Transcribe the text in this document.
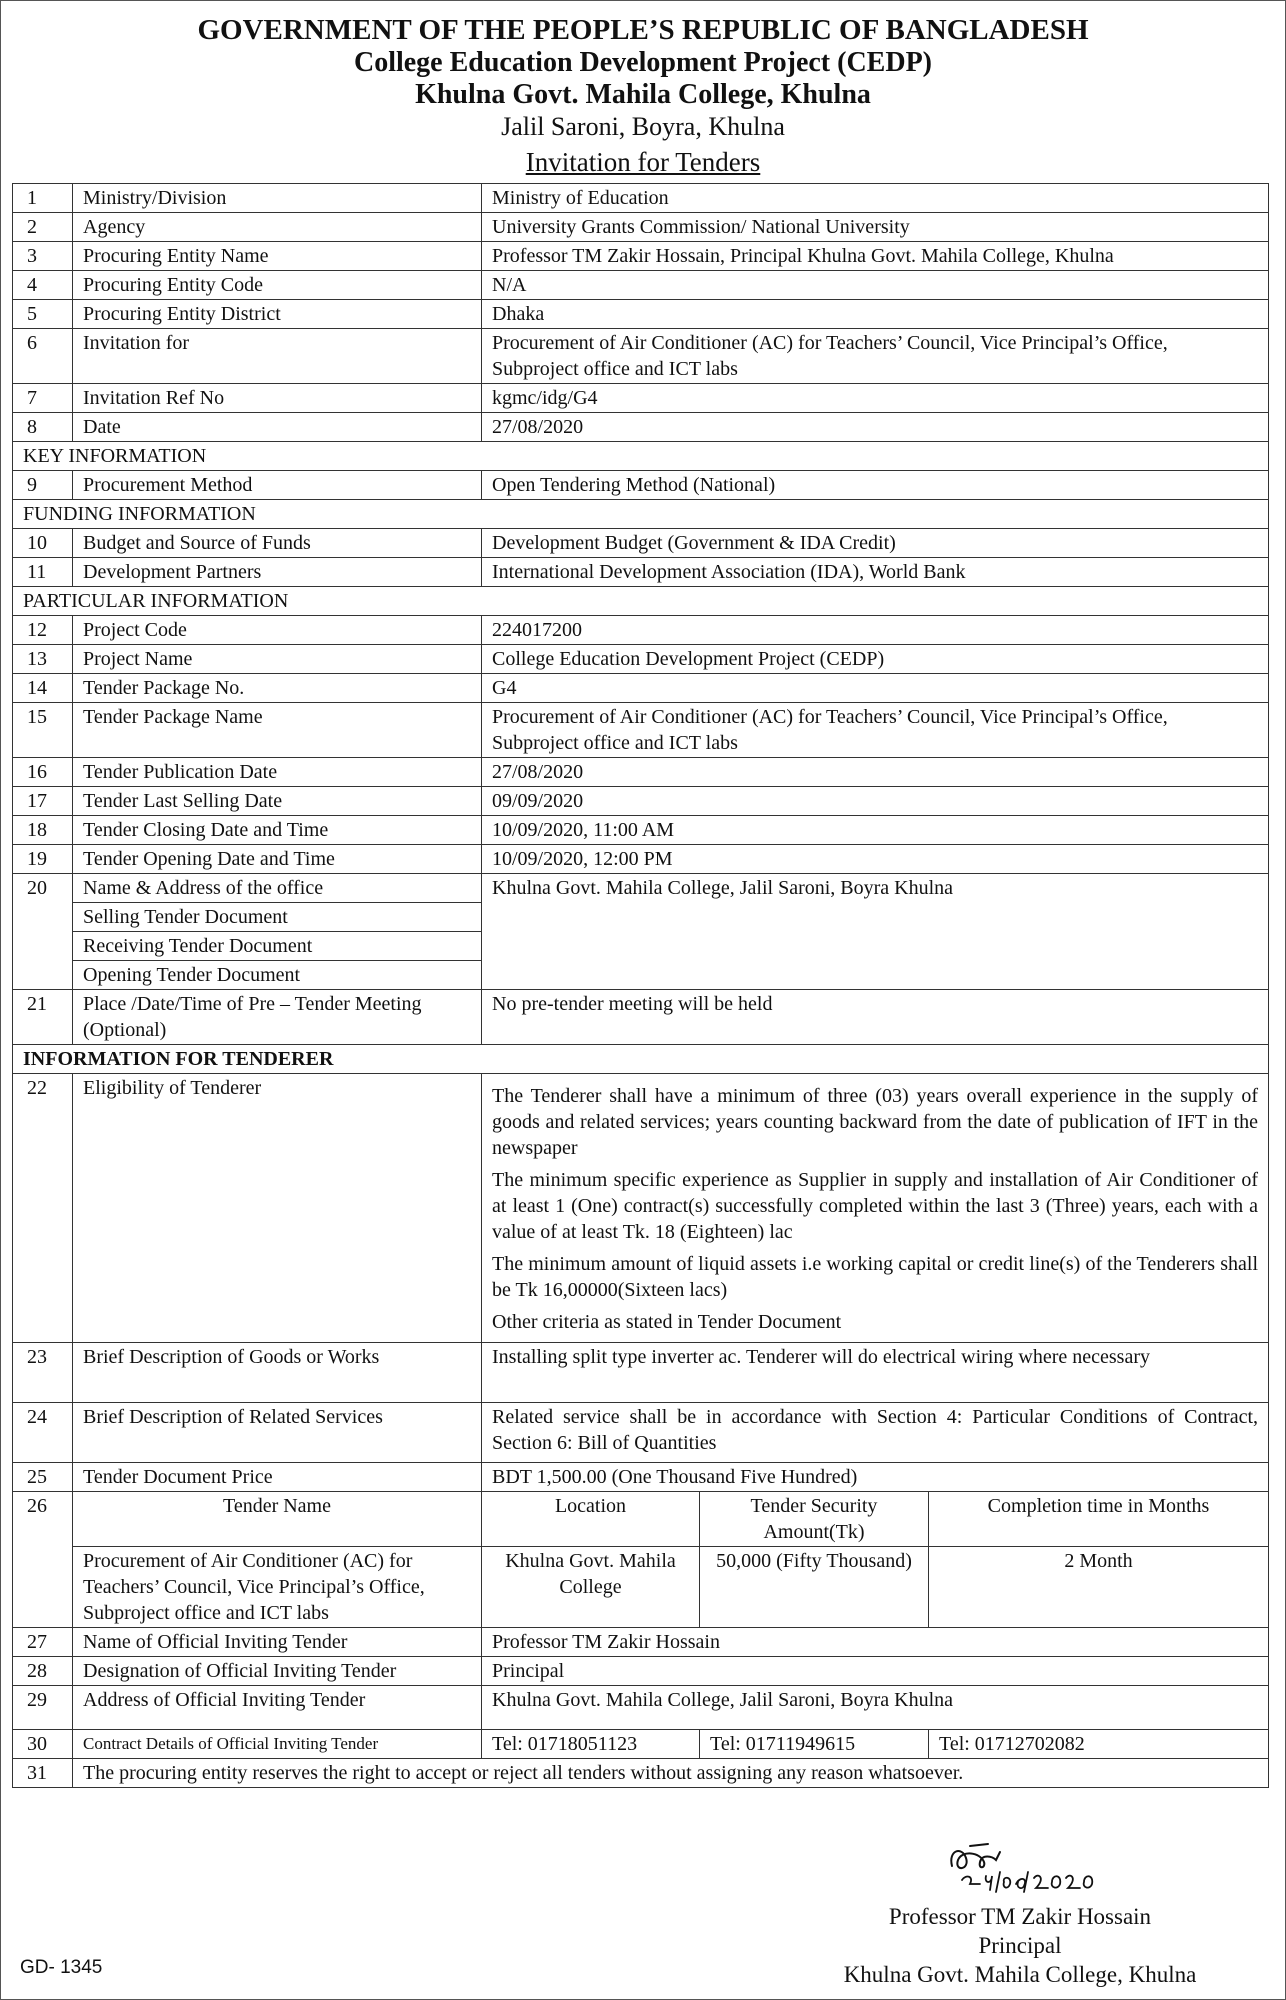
GOVERNMENT OF THE PEOPLE’S REPUBLIC OF BANGLADESH
College Education Development Project (CEDP)
Khulna Govt. Mahila College, Khulna
Jalil Saroni, Boyra, Khulna
Invitation for Tenders
1	Ministry/Division	Ministry of Education		
2	Agency	University Grants Commission/ National University		
3	Procuring Entity Name	Professor TM Zakir Hossain, Principal Khulna Govt. Mahila College, Khulna		
4	Procuring Entity Code	N/A		
5	Procuring Entity District	Dhaka		
6	Invitation for	Procurement of Air Conditioner (AC) for Teachers’ Council, Vice Principal’s Office, Subproject office and ICT labs		
7	Invitation Ref No	kgmc/idg/G4		
8	Date	27/08/2020		
KEY INFORMATION				
9	Procurement Method	Open Tendering Method (National)		
FUNDING INFORMATION				
10	Budget and Source of Funds	Development Budget (Government & IDA Credit)		
11	Development Partners	International Development Association (IDA), World Bank		
PARTICULAR INFORMATION				
12	Project Code	224017200		
13	Project Name	College Education Development Project (CEDP)		
14	Tender Package No.	G4		
15	Tender Package Name	Procurement of Air Conditioner (AC) for Teachers’ Council, Vice Principal’s Office, Subproject office and ICT labs		
16	Tender Publication Date	27/08/2020		
17	Tender Last Selling Date	09/09/2020		
18	Tender Closing Date and Time	10/09/2020, 11:00 AM		
19	Tender Opening Date and Time	10/09/2020, 12:00 PM		
20	Name & Address of the office	Khulna Govt. Mahila College, Jalil Saroni, Boyra Khulna		
	Selling Tender Document			
	Receiving Tender Document			
	Opening Tender Document			
21	Place /Date/Time of Pre – Tender Meeting (Optional)	No pre-tender meeting will be held		
INFORMATION FOR TENDERER				
22	Eligibility of Tenderer	The Tenderer shall have a minimum of three (03) years overall experience in the supply of goods and related services; years counting backward from the date of publication of IFT in the newspaper
The minimum specific experience as Supplier in supply and installation of Air Conditioner of at least 1 (One) contract(s) successfully completed within the last 3 (Three) years, each with a value of at least Tk. 18 (Eighteen) lac
The minimum amount of liquid assets i.e working capital or credit line(s) of the Tenderers shall be Tk 16,00000(Sixteen lacs)
Other criteria as stated in Tender Document		

23	Brief Description of Goods or Works	Installing split type inverter ac. Tenderer will do electrical wiring where necessary		
24	Brief Description of Related Services	Related service shall be in accordance with Section 4: Particular Conditions of Contract, Section 6: Bill of Quantities		
25	Tender Document Price	BDT 1,500.00 (One Thousand Five Hundred)		
26	Tender Name	Location	Tender Security Amount(Tk)	Completion time in Months
	Procurement of Air Conditioner (AC) for Teachers’ Council, Vice Principal’s Office, Subproject office and ICT labs	Khulna Govt. Mahila College	50,000 (Fifty Thousand)	2 Month
27	Name of Official Inviting Tender	Professor TM Zakir Hossain		
28	Designation of Official Inviting Tender	Principal		
29	Address of Official Inviting Tender	Khulna Govt. Mahila College, Jalil Saroni, Boyra Khulna		
30	Contract Details of Official Inviting Tender	Tel: 01718051123	Tel: 01711949615	Tel: 01712702082
31	The procuring entity reserves the right to accept or reject all tenders without assigning any reason whatsoever.			
Professor TM Zakir Hossain
Principal
Khulna Govt. Mahila College, Khulna
GD- 1345
